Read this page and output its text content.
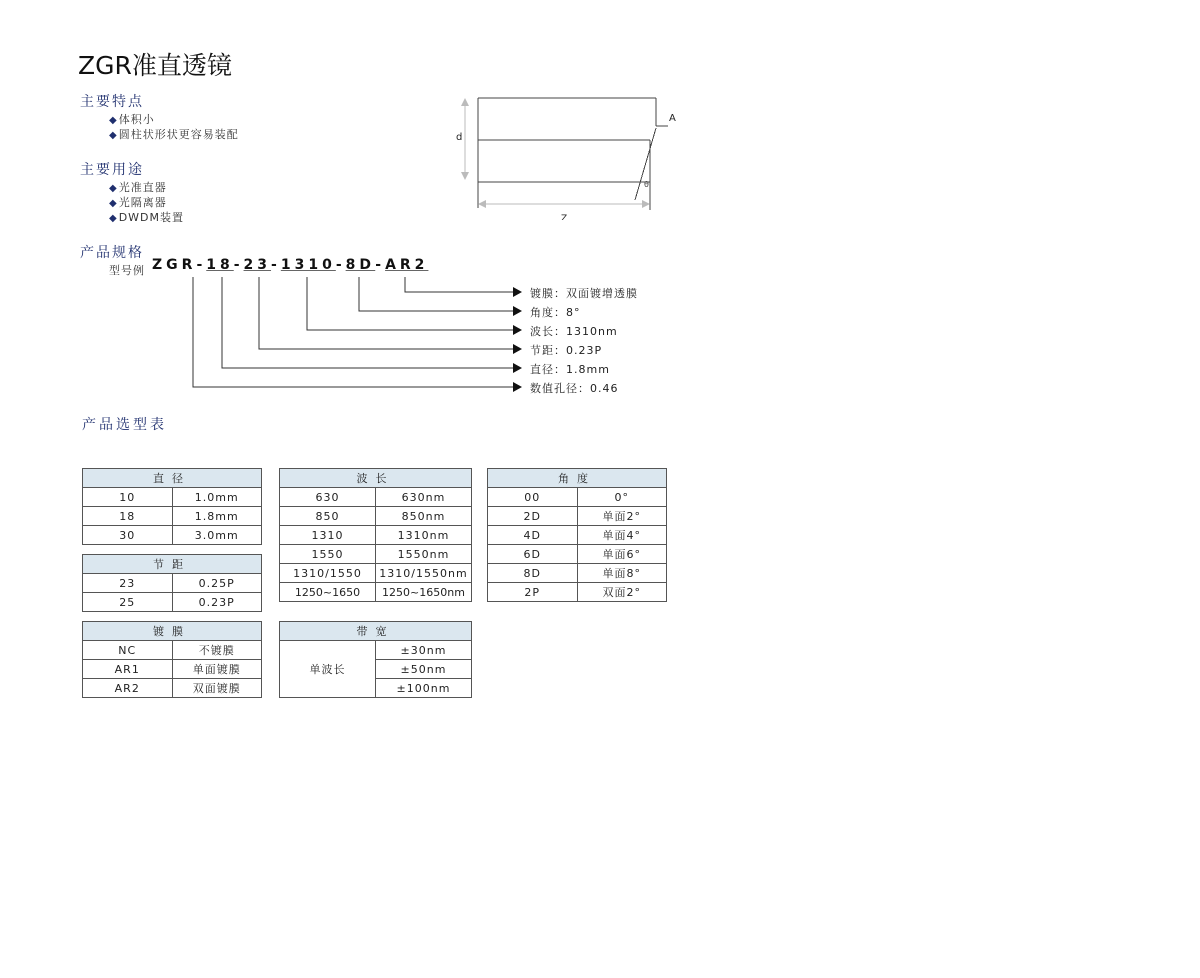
ZGR准直透镜
主要特点
◆体积小
◆圆柱状形状更容易装配
主要用途
◆光准直器
◆光隔离器
◆DWDM装置
d
A
θ
Z
产品规格
型号例 ZGR-18-23-1310-8D-AR2
镀膜：双面镀增透膜
角度：8°
波长：1310nm
节距：0.23P
直径：1.8mm
数值孔径：0.46
产品选型表
直径	
10	1.0mm
18	1.8mm
30	3.0mm
节距	
23	0.25P
25	0.23P
镀膜	
NC	不镀膜
AR1	单面镀膜
AR2	双面镀膜
波长	
630	630nm
850	850nm
1310	1310nm
1550	1550nm
1310/1550	1310/1550nm
1250~1650	1250~1650nm
带宽
单波长	±30nm
±50nm
±100nm
角度	
00	0°
2D	单面2°
4D	单面4°
6D	单面6°
8D	单面8°
2P	双面2°
